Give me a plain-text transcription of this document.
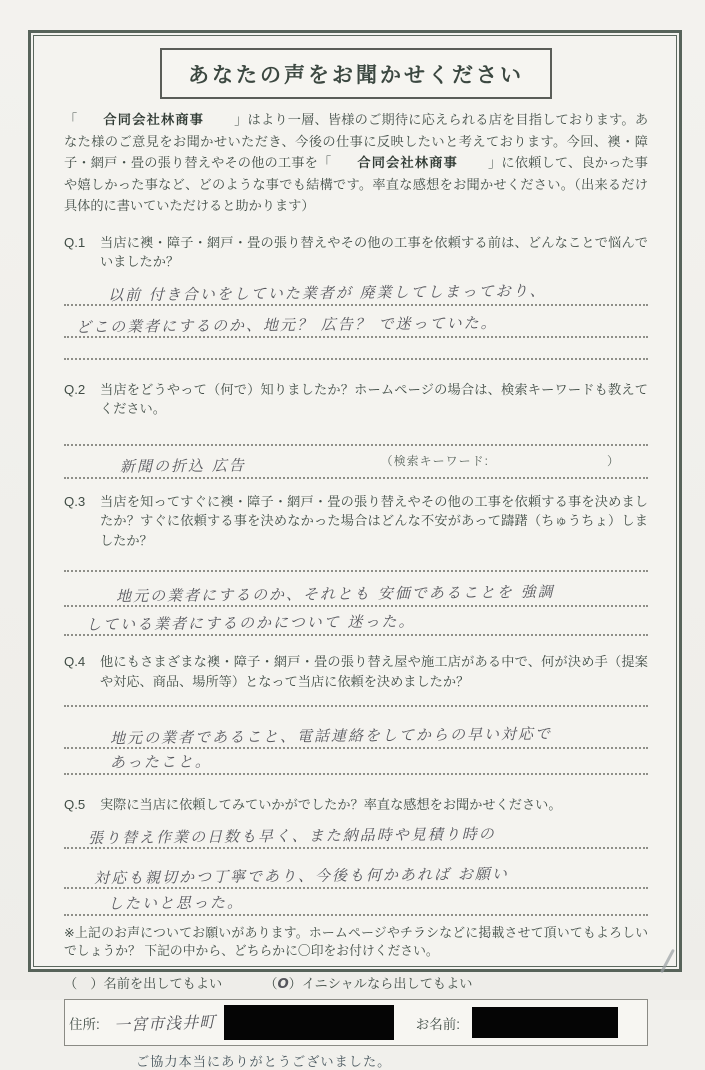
あなたの声をお聞かせください

「 合同会社林商事 」はより一層、皆様のご期待に応えられる店を目指しております。あなた様のご意見をお聞かせいただき、今後の仕事に反映したいと考えております。今回、襖・障子・網戸・畳の張り替えやその他の工事を「 合同会社林商事 」に依頼して、良かった事や嬉しかった事など、どのような事でも結構です。率直な感想をお聞かせください。（出来るだけ具体的に書いていただけると助かります）

Q.1	当店に襖・障子・網戸・畳の張り替えやその他の工事を依頼する前は、どんなことで悩んでいましたか？
以前 付き合いをしていた業者が 廃業してしまっており、
どこの業者にするのか、地元？ 広告？ で迷っていた。
Q.2	当店をどうやって（何で）知りましたか？ホームページの場合は、検索キーワードも教えてください。
新聞の折込 広告	（検索キーワード:	）
Q.3	当店を知ってすぐに襖・障子・網戸・畳の張り替えやその他の工事を依頼する事を決めましたか？すぐに依頼する事を決めなかった場合はどんな不安があって躊躇（ちゅうちょ）しましたか？
地元の業者にするのか、それとも 安価であることを 強調
している業者にするのかについて 迷った。
Q.4	他にもさまざまな襖・障子・網戸・畳の張り替え屋や施工店がある中で、何が決め手（提案や対応、商品、場所等）となって当店に依頼を決めましたか？
地元の業者であること、電話連絡をしてからの早い対応で
あったこと。
Q.5	実際に当店に依頼してみていかがでしたか？率直な感想をお聞かせください。
張り替え作業の日数も早く、また納品時や見積り時の
対応も親切かつ丁寧であり、今後も何かあれば お願い
したいと思った。

※上記のお声についてお願いがあります。ホームページやチラシなどに掲載させて頂いてもよろしいでしょうか？ 下記の中から、どちらかに〇印をお付けください。

（　）名前を出してもよい	（O）イニシャルなら出してもよい
住所: 一宮市浅井町	お名前:

ご協力本当にありがとうございました。
